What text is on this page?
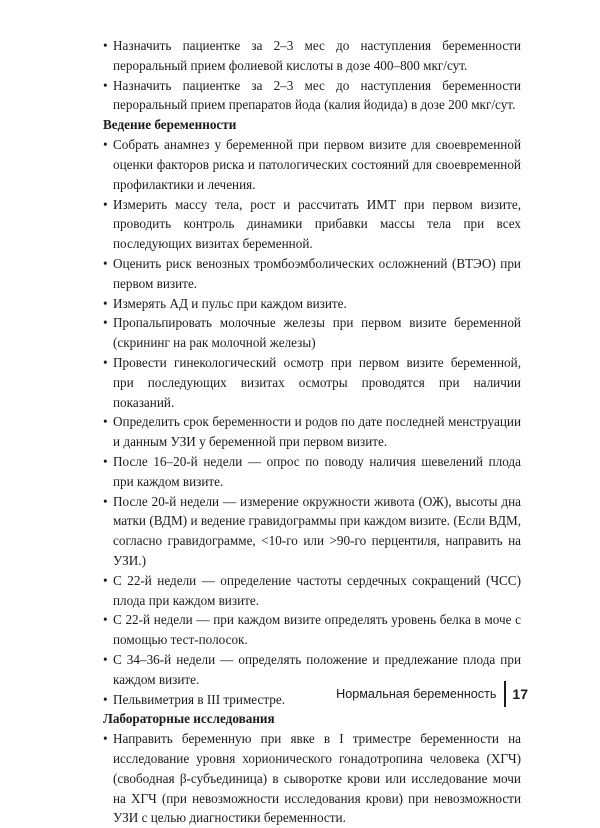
• Назначить пациентке за 2–3 мес до наступления беременности пероральный прием фолиевой кислоты в дозе 400–800 мкг/сут.
• Назначить пациентке за 2–3 мес до наступления беременности пероральный прием препаратов йода (калия йодида) в дозе 200 мкг/сут.
Ведение беременности
• Собрать анамнез у беременной при первом визите для своевременной оценки факторов риска и патологических состояний для своевременной профилактики и лечения.
• Измерить массу тела, рост и рассчитать ИМТ при первом визите, проводить контроль динамики прибавки массы тела при всех последующих визитах беременной.
• Оценить риск венозных тромбоэмболических осложнений (ВТЭО) при первом визите.
• Измерять АД и пульс при каждом визите.
• Пропальпировать молочные железы при первом визите беременной (скрининг на рак молочной железы)
• Провести гинекологический осмотр при первом визите беременной, при последующих визитах осмотры проводятся при наличии показаний.
• Определить срок беременности и родов по дате последней менструации и данным УЗИ у беременной при первом визите.
• После 16–20-й недели — опрос по поводу наличия шевелений плода при каждом визите.
• После 20-й недели — измерение окружности живота (ОЖ), высоты дна матки (ВДМ) и ведение гравидограммы при каждом визите. (Если ВДМ, согласно гравидограмме, <10-го или >90-го перцентиля, направить на УЗИ.)
• С 22-й недели — определение частоты сердечных сокращений (ЧСС) плода при каждом визите.
• С 22-й недели — при каждом визите определять уровень белка в моче с помощью тест-полосок.
• С 34–36-й недели — определять положение и предлежание плода при каждом визите.
• Пельвиметрия в III триместре.
Лабораторные исследования
• Направить беременную при явке в I триместре беременности на исследование уровня хорионического гонадотропина человека (ХГЧ) (свободная β-субъединица) в сыворотке крови или исследование мочи на ХГЧ (при невозможности исследования крови) при невозможности УЗИ с целью диагностики беременности.
Нормальная беременность	17
